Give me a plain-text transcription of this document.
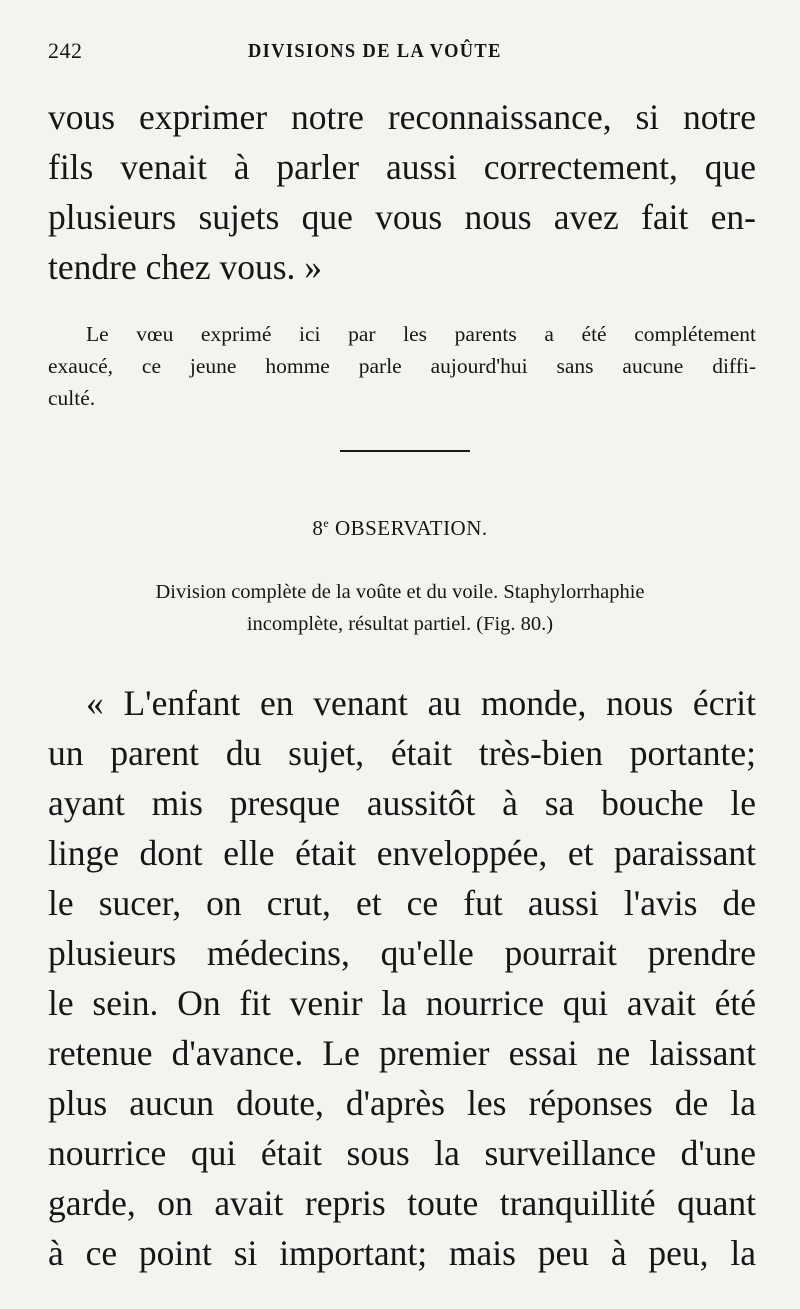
242	DIVISIONS DE LA VOÛTE
vous exprimer notre reconnaissance, si notre
fils venait à parler aussi correctement, que
plusieurs sujets que vous nous avez fait en-
tendre chez vous. »
Le vœu exprimé ici par les parents a été complétement
exaucé, ce jeune homme parle aujourd'hui sans aucune diffi-
culté.
8e OBSERVATION.
Division complète de la voûte et du voile. Staphylorrhaphie
incomplète, résultat partiel. (Fig. 80.)
« L'enfant en venant au monde, nous écrit
un parent du sujet, était très-bien portante;
ayant mis presque aussitôt à sa bouche le
linge dont elle était enveloppée, et paraissant
le sucer, on crut, et ce fut aussi l'avis de
plusieurs médecins, qu'elle pourrait prendre
le sein. On fit venir la nourrice qui avait été
retenue d'avance. Le premier essai ne laissant
plus aucun doute, d'après les réponses de la
nourrice qui était sous la surveillance d'une
garde, on avait repris toute tranquillité quant
à ce point si important; mais peu à peu, la
